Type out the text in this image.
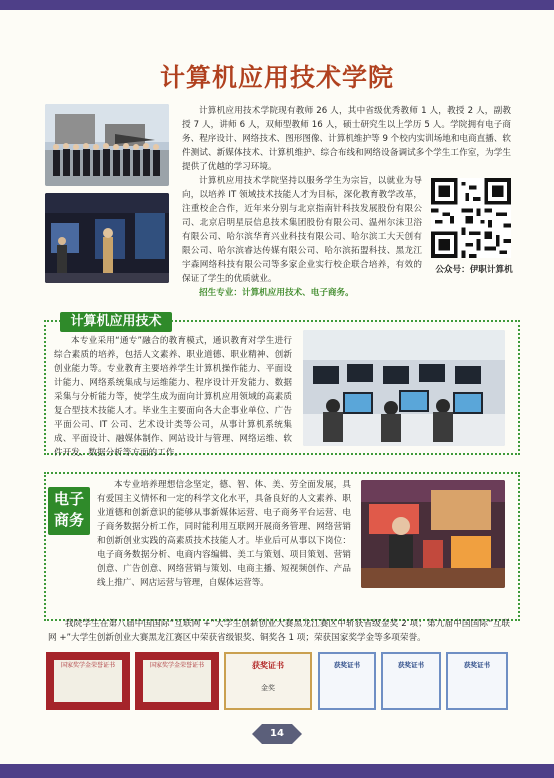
计算机应用技术学院

计算机应用技术学院现有教师 26 人，其中省级优秀教师 1 人，教授 2 人，副教授 7 人，讲师 6 人，双师型教师 16 人，硕士研究生以上学历 5 人。学院拥有电子商务、程序设计、网络技术、图形图像、计算机维护等 9 个校内实训场地和电商直播、软件测试、新媒体技术、计算机维护、综合布线和网络设备调试多个学生工作室，为学生提供了优越的学习环境。

计算机应用技术学院坚持以服务学生为宗旨，以就业为导向，以培养 IT 领域技术技能人才为目标，深化教育教学改革，注重校企合作，近年来分别与北京指南针科技发展股份有限公司、北京启明星辰信息技术集团股份有限公司、温州尔沫卫浴有限公司、哈尔滨华育兴业科技有限公司、哈尔滨工大天创有限公司、哈尔滨睿达传媒有限公司、哈尔滨拓盟科技、黑龙江宇森网络科技有限公司等多家企业实行校企联合培养，有效的保证了学生的优质就业。

招生专业：计算机应用技术、电子商务。

公众号：伊职计算机
计算机应用技术

本专业采用“通专”融合的教育模式，通识教育对学生进行综合素质的培养，包括人文素养、职业道德、职业精神、创新创业能力等。专业教育主要培养学生计算机操作能力、平面设计能力、网络系统集成与运维能力、程序设计开发能力、数据采集与分析能力等，使学生成为面向计算机应用领域的高素质复合型技术技能人才。毕业生主要面向各大企事业单位、广告平面公司、IT 公司、艺术设计类等公司，从事计算机系统集成、平面设计、融媒体制作、网站设计与管理、网络运维、软件开发、数据分析等方面的工作。

电子
商务

本专业培养理想信念坚定，德、智、体、美、劳全面发展，具有爱国主义情怀和一定的科学文化水平，具备良好的人文素养、职业道德和创新意识的能够从事新媒体运营、电子商务平台运营、电子商务数据分析工作，同时能利用互联网开展商务管理、网络营销和创新创业实践的高素质技术技能人才。毕业后可从事以下岗位：电子商务数据分析、电商内容编辑、美工与策划、项目策划、营销创意、广告创意、网络营销与策划、电商主播、短视频创作、产品线上推广、网店运营与管理，自媒体运营等。

我院学生在第八届中国国际“互联网 +”大学生创新创业大赛黑龙江赛区中斩获省级金奖 2 项；第九届中国国际“互联网 +”大学生创新创业大赛黑龙江赛区中荣获省级银奖、铜奖各 1 项；荣获国家奖学金等多项荣誉。

国家奖学金荣誉证书	国家奖学金荣誉证书	获奖证书
金奖
获奖证书	获奖证书	获奖证书
14
